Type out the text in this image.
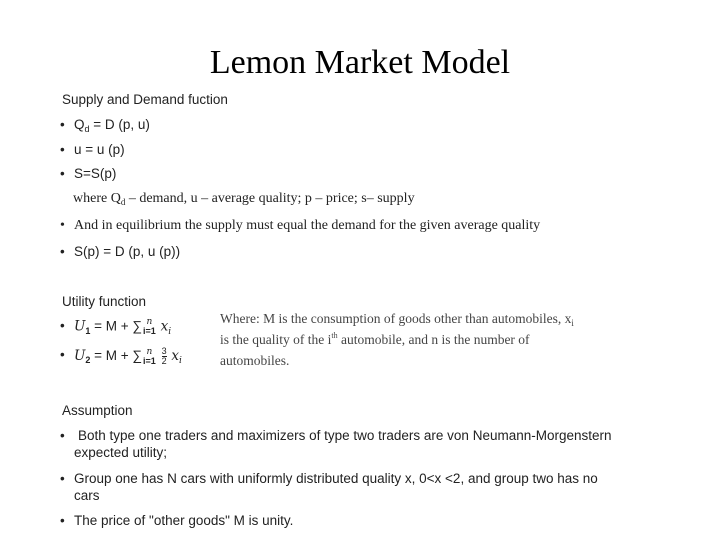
Lemon Market Model
Supply and Demand fuction
• $Q_d = D$ (p, u)
• u = u (p)
• S=S(p)
where $Q_d$ – demand, u – average quality; p – price; s– supply
• And in equilibrium the supply must equal the demand for the given average quality
• S(p) = D (p, u (p))
Utility function
• $U_1 = M$ + ∑ n
i=1 $x_i$
• $U_2 = M$ + ∑ n
i=1
$\frac{3}{2} x_i$
Where: M is the consumption of goods other than automobiles, $x_i$
is the quality of the $i^{th}$ automobile, and n is the number of
automobiles.
Assumption
• Both type one traders and maximizers of type two traders are von Neumann-Morgenstern
expected utility;
• Group one has N cars with uniformly distributed quality x, 0<x <2, and group two has no
cars
• The price of "other goods" M is unity.
